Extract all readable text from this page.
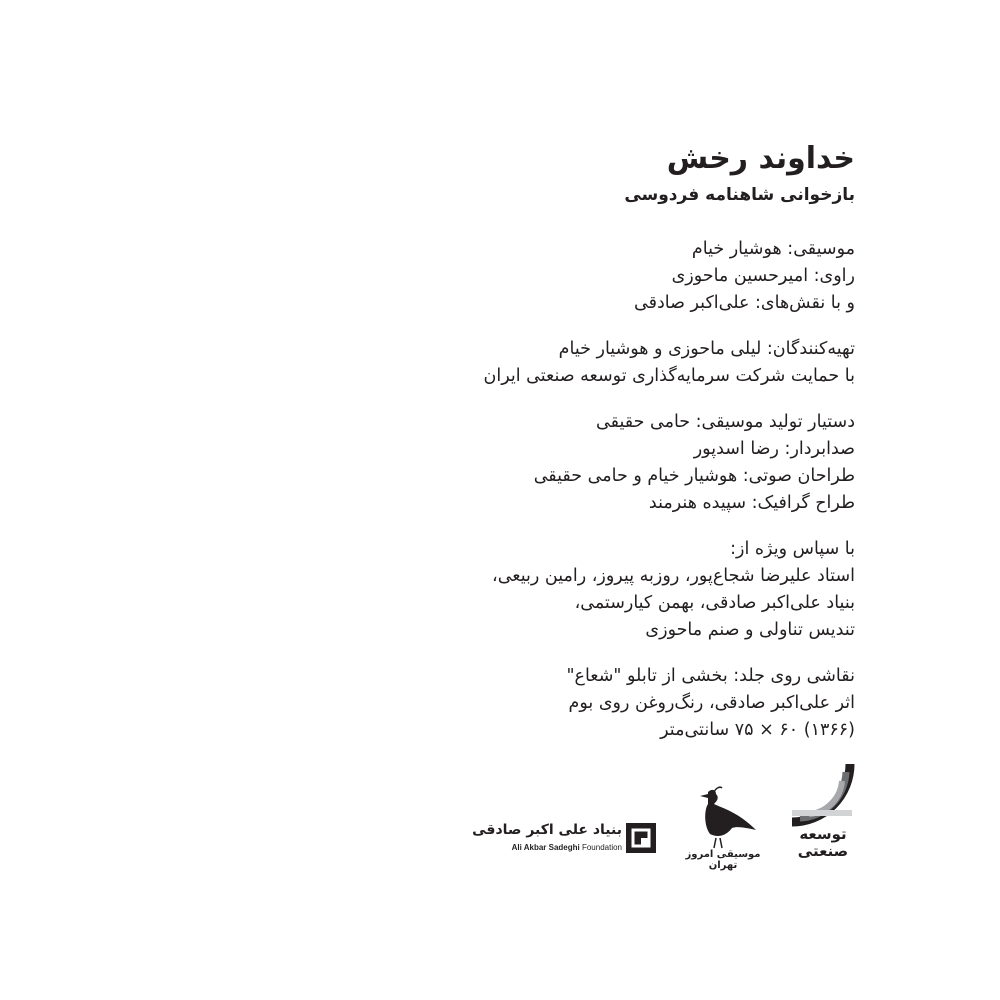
خداوند رخش
بازخوانی شاهنامه فردوسی
موسیقی: هوشیار خیام
راوی: امیرحسین ماحوزی
و با نقش‌های: علی‌اکبر صادقی
تهیه‌کنندگان: لیلی ماحوزی و هوشیار خیام
با حمایت شرکت سرمایه‌گذاری توسعه صنعتی ایران
دستیار تولید موسیقی: حامی حقیقی
صدابردار: رضا اسدپور
طراحان صوتی: هوشیار خیام و حامی حقیقی
طراح گرافیک: سپیده هنرمند
با سپاس ویژه از:
استاد علیرضا شجاع‌پور، روزبه پیروز، رامین ربیعی،
بنیاد علی‌اکبر صادقی، بهمن کیارستمی،
تندیس تناولی و صنم ماحوزی
نقاشی روی جلد: بخشی از تابلو "شعاع"
اثر علی‌اکبر صادقی، رنگ‌روغن روی بوم
(۱۳۶۶) ۶۰ × ۷۵ سانتی‌متر
توسعه صنعتی
موسیقی امروز تهران
بنیاد علی اکبر صادقی
Ali Akbar Sadeghi Foundation
